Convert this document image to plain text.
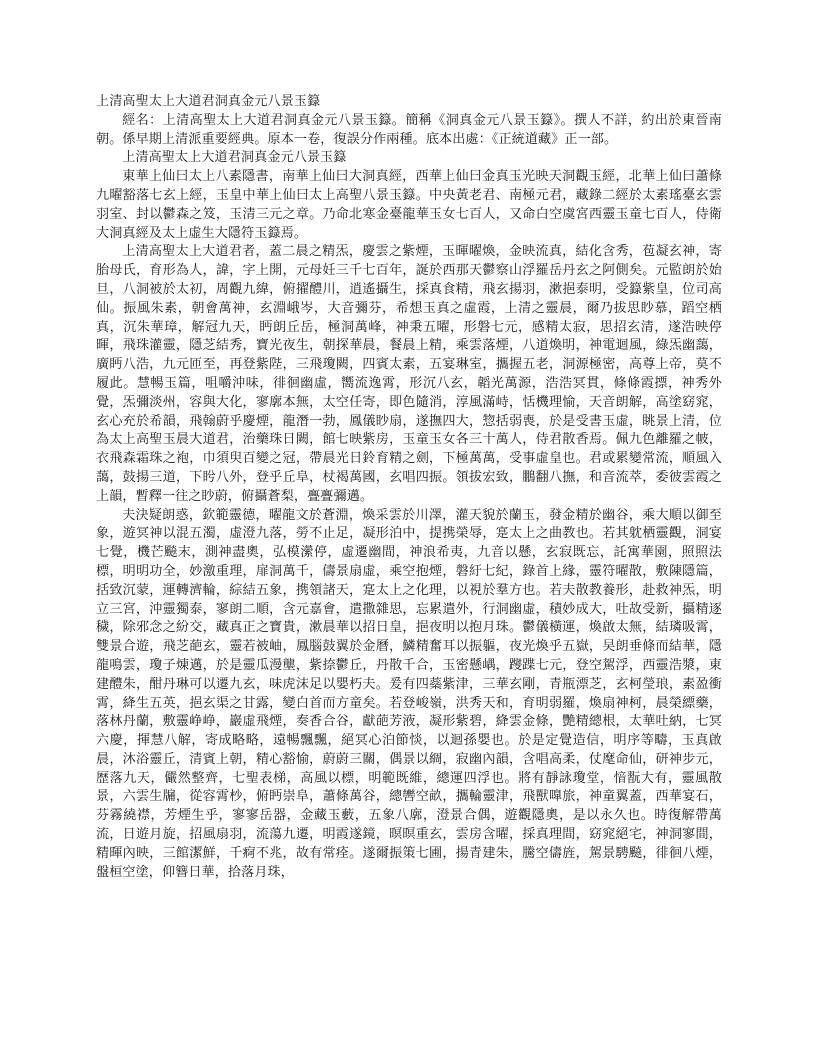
上清高聖太上大道君洞真金元八景玉籙

經名：上清高聖太上大道君洞真金元八景玉籙。簡稱《洞真金元八景玉籙》。撰人不詳，約出於東晉南朝。係早期上清派重要經典。原本一卷，復誤分作兩種。底本出處：《正統道藏》正一部。

上清高聖太上大道君洞真金元八景玉籙

東華上仙曰太上八素隱書，南華上仙曰大洞真經，西華上仙曰金真玉光映天洞觀玉經，北華上仙曰蕭條九曜豁落七玄上經，玉皇中華上仙曰太上高聖八景玉籙。中央黃老君、南極元君，藏錄二經於太素瑤臺玄雲羽室、封以鬱森之笈，玉清三元之章。乃命北寒金臺龍華玉女七百人，又命白空虞宮西靈玉童七百人，侍衛大洞真經及太上虛生大隱符玉籙焉。

上清高聖太上大道君者，蓋二晨之精炁，慶雲之紫煙，玉暉曜煥，金映流真，結化含秀，苞凝玄神，寄胎母氏，育形為人，諱，字上開，元母妊三千七百年，誕於西那天鬱察山浮羅岳丹玄之阿側矣。元監朗於始旦，八洞被於太初，周觀九緯，俯擢醴川，逍遙攝生，採真食精，飛玄揚羽，漱挹泰明，受籙紫皇，位司高仙。振風朱素，朝會萬神，玄淵峨岑，大音彌芬，希想玉真之虛霞，上清之靈晨，爾乃拔思眇慕，蹈空栖真，沉朱華璋，解冠九天，眄朗丘岳，極洞萬峰，神秉五曜，形磐七元，感精太寂，思招玄清，遂浩映停暉，飛珠灌靈，隱芝結秀，寶光夜生，朝探華晨，餐晨上精，乘雲落煙，八道煥明，神電迴風，綠炁幽藹，廣眄八浩，九元匝至，再登紫陛，三飛瓊闕，四賓太素，五宴琳室，攜握五老，洞源極密，高尊上帝，莫不履此。慧暢玉篇，咀嚼沖味，徘徊幽虛，嚮流逸霄，形沉八玄，韜光萬源，浩浩冥貫，條條霞摽，神秀外覺，炁彌淡州，容與大化，寥廓本無，太空任寄，即色隨消，淳風滿峙，恬機理愉，天音朗解，高塗窈窕，玄心充於希韻，飛翰蔚乎慶煙，龍潛一勃，鳳儀眇扇，遂撫四大，惣括弱喪，於是受書玉虛，眺景上清，位為太上高聖玉晨大道君，治藥珠日闕，館七映紫房，玉童玉女各三十萬人，侍君散香焉。佩九色離羅之帔，衣飛森霜珠之袍，巾須臾百變之冠，帶晨光日鈴育精之劍，下極萬萬，受事虛皇也。君或累變常流，順風入藹，鼓揚三道，下盻八外，登乎丘阜，杖褐萬國，玄唱四振。領拔宏致，鵬翻八撫，和音流萃，委彼雲霞之上韻，暫釋一往之眇蔚，俯攝蒼梨，亹亹彌邁。

夫決疑朗惑，欽範靈德，曜龍文於蒼淵，煥采雲於川澤，灌天貌於蘭玉，發金精於幽谷，乘大順以御至象，遊冥神以混五濁，虛澄九落，勞不止足，凝形泊中，提携榮辱，寔太上之曲教也。若其躭栖靈觀，洞宴七覺，機芒飈末，測神盡奧，弘模瀠停，虛遷幽間，神浪希夷，九音以懸，玄寂既忘，託寓華園，照照法標，明明功全，妙激重理，扉洞萬千，儔景扇虛，乘空抱煙，磐紆七紀，錄首上緣，靈符曜散，敷陳隱篇，括致沉蒙，運轉濟輪，綜結五象，携領諸天，寔太上之化理，以視於羣方也。若夫散教養形，赴救神炁，明立三宮，沖靈獨泰，寥朗二順，含元嘉會，遣撒雜思，忘累遣外，行洞幽虛，積妙成大，吐故受新，攝精逐穢，除邪念之紛交，藏真正之寶貴，漱晨華以招日皇，挹夜明以抱月珠。鬱儀橫運，煥啟太無，結璘吸霄，雙景合遊，飛芝葩玄，靈若被岫，鳳腦鼓翼於金曆，鱗精奮耳以振軀，夜光煥乎五嶽，旲朗垂條而結華，隱龍鳴雲，瓊子煉邁，於是靈瓜漫壟，紫捺鬱丘，丹散千合，玉密懸嵎，躞蹀七元，登空駕浮，西靈浩漿，東建醴朱，酣丹琳可以遷九玄，味虎沫足以嬰朽夫。爰有四蘂紫津，三華玄剛，青瓶漂芝，玄柯瑩琅，素盈衝霄，絳生五英，挹玄渠之甘露，變白首而方童矣。若登峻嶺，洪秀天和，育明弱羅，煥扇神柯，晨榮縹藥，落林丹蘭，敷靈峥峥，巖虛飛煙，奏香合谷，獻葩芳液，凝形紫碧，絳雲金條，艷精總根，太華吐納，七冥六慶，揮慧八解，寄成略略，遠暢飄飄，絕冥心泊節惔，以迴孫嬰也。於是定覺造信，明序等疇，玉真啟晨，沐浴靈丘，清賓上朝，精心豁愉，蔚蔚三關，偶景以綢，寂幽內韻，含唱高柔，仗麾命仙，研神步元，歷落九天，儼然整齊，七聖表梯，高風以標，明範既維，總運四浮也。將有靜詠瓊堂，愔翫大有，靈風散景，六雲生牖，從容霄杪，俯眄崇阜，蕭條萬谷，總轡空畝，攜輪靈津，飛獸嘷旅，神童翼蓋，西華宴石，芬霧繞襟，芳煙生乎，寥寥岳器，金藏玉藪，五象八廓，澄景合偶，遊觀隱奧，是以永久也。時復解帶萬流，日遊月旋，招風扇羽，流蕩九遷，明霞遂鏡，暝暝重玄，雲房含曜，採真理間，窈窕絕宅，神洞寥間，精暉內映，三館潔鮮，千痾不兆，故有常痊。遂爾振策七圃，揚青建朱，騰空儔旌，駕景騁飈，徘徊八煙，盤桓空塗，仰簪日華，拾落月珠，
